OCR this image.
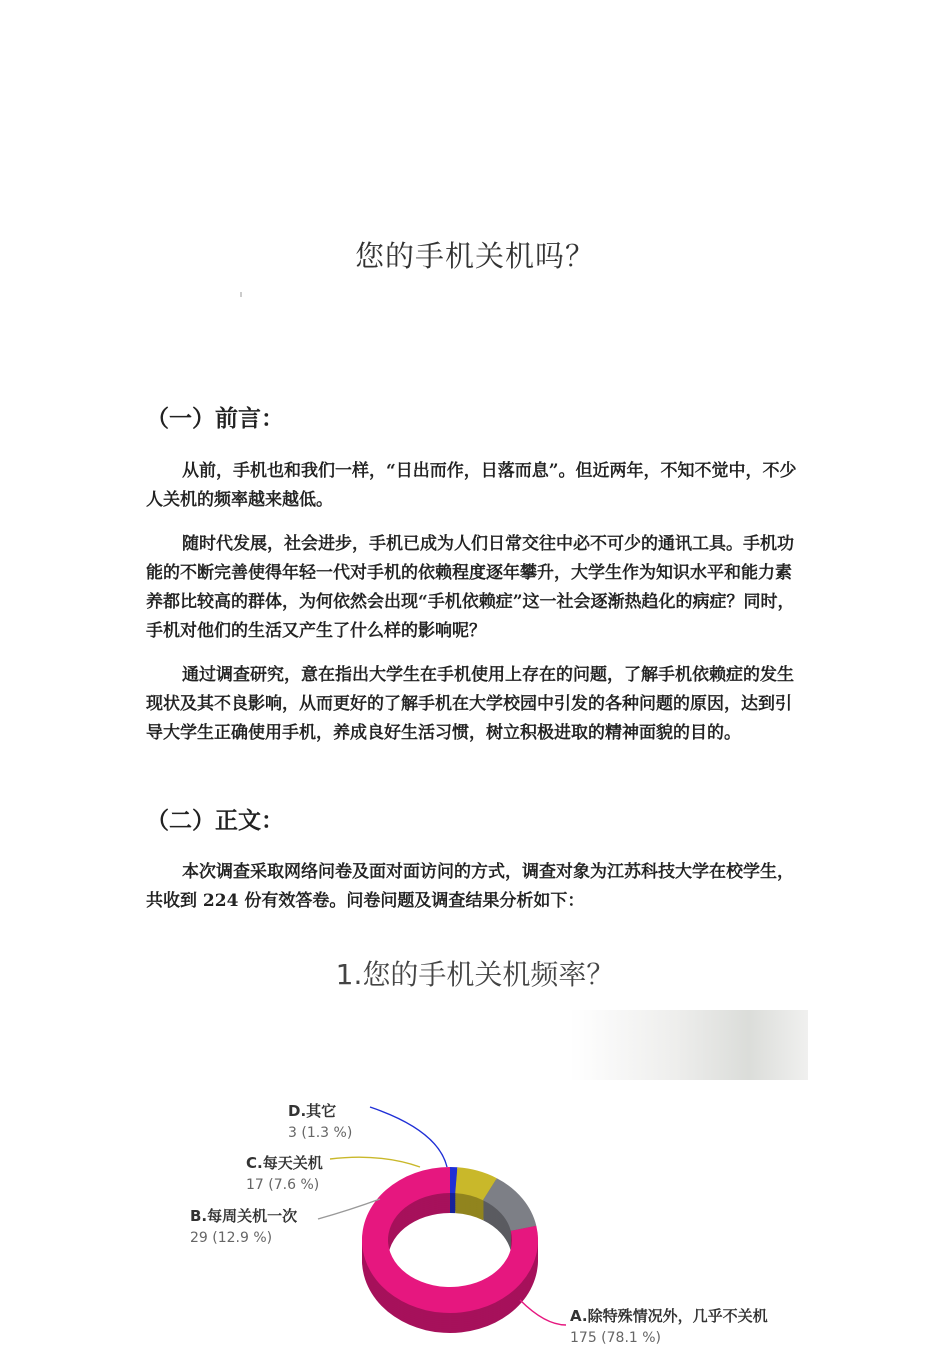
您的手机关机吗？
（一）前言：

从前，手机也和我们一样，“日出而作，日落而息”。但近两年，不知不觉中，不少人关机的频率越来越低。

随时代发展，社会进步，手机已成为人们日常交往中必不可少的通讯工具。手机功能的不断完善使得年轻一代对手机的依赖程度逐年攀升，大学生作为知识水平和能力素养都比较高的群体，为何依然会出现“手机依赖症”这一社会逐渐热趋化的病症？同时，手机对他们的生活又产生了什么样的影响呢？

通过调查研究，意在指出大学生在手机使用上存在的问题，了解手机依赖症的发生现状及其不良影响，从而更好的了解手机在大学校园中引发的各种问题的原因，达到引导大学生正确使用手机，养成良好生活习惯，树立积极进取的精神面貌的目的。

（二）正文：

本次调查采取网络问卷及面对面访问的方式，调查对象为江苏科技大学在校学生，共收到 224 份有效答卷。问卷问题及调查结果分析如下：

1.您的手机关机频率？
A.除特殊情况外，几乎不关机
175 (78.1 %)
B.每周关机一次
29 (12.9 %)
C.每天关机
17 (7.6 %)
D.其它
3 (1.3 %)
